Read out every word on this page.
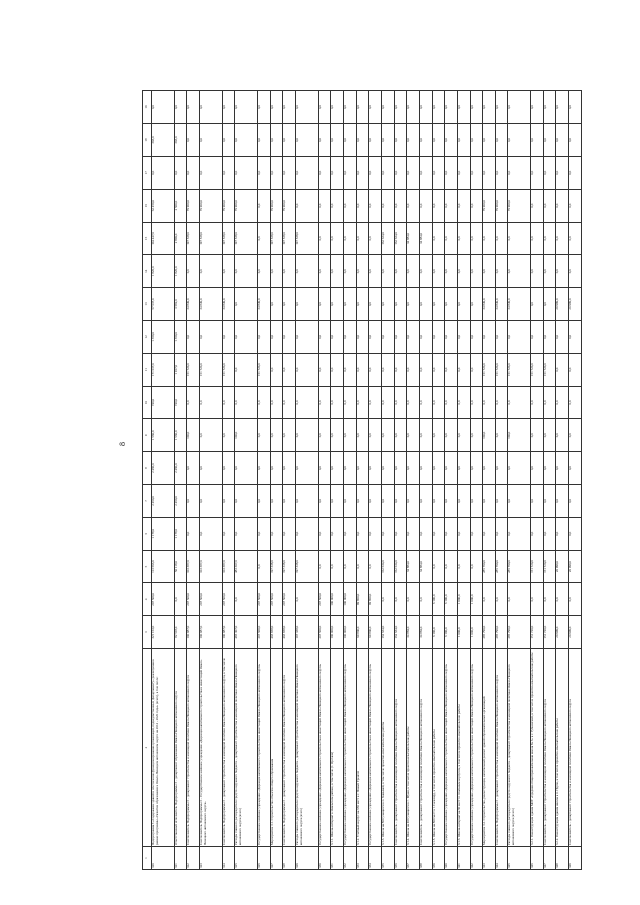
8
1	2	3	4	5	6	7	8	9	10	11	12	13	14	15	16	17	18	19
320	Подпрограмма 3 «Содержание зданий и обеспечение функционирования организаций, подведомственных Департаменту» реализуемая в рамках программы «Развитие образования в Ямало-Ненецком автономном округе на 2014 - 2020 годы» (всего), в том числе:	321 163,0	207 500,0	113 663,0	1 178,0	2 460,0	2 460,0	1 560,0	740,0	171 637,0	1 350,0	57 637,0	1 826,0	104 447,0	62 450,0	0,0	303,0	0,0
321	Ответственный исполнитель Подпрограммы 3 – департамент образования Ямало-Ненецкого автономного округа	82 518,0	0,0	50 118,0	1 178,0	2 460,0	2 460,0	1 560,0	740,0	1 917,0	1 350,0	3 582,0	1 826,0	2 809,0	2 500,0	0,0	303,0	0,0
322	Соисполнитель Подпрограммы 3 – департамент строительства и жилищной политики Ямало-Ненецкого автономного округа	100 987,0	207 500,0	103 387,0	0,0	0,0	0,0	100,0	0,0	151 720,0	0,0	34 849,0	0,0	197 538,0	79 900,0	0,0	0,0	0,0
323	Соисполнитель Подпрограммы 3 – Государственное казённое учреждение «Дирекция капитального строительства и инвестиций Ямало-Ненецкого автономного округа»	100 987,0	207 500,0	103 387,0	0,0	0,0	0,0	0,0	0,0	151 720,0	0,0	34 849,0	0,0	197 538,0	79 900,0	0,0	0,0	0,0
324	Соисполнитель Подпрограммы 3 – департамент строительства и жилищной политики Ямало-Ненецкого автономного округа, в том числе	100 987,0	207 500,0	103 387,0	0,0	0,0	0,0	0,0	0,0	151 720,0	0,0	34 849,0	0,0	197 538,0	79 900,0	0,0	0,0	0,0
325	Расходы главного распорядителя средств окружного бюджета – департамент строительства и жилищной политики Ямало-Ненецкого автономного округа (всего)	483 307,0	0,0	483 307,0	0,0	0,0	0,0	100,0	0,0	0,0	0,0	0,0	0,0	197 538,0	79 900,0	0,0	0,0	0,0
326	Государственное казённое учреждение «Дирекция капитального строительства и инвестиций Ямало-Ненецкого автономного округа»	207 500,0	207 500,0	0,0	0,0	0,0	0,0	0,0	0,0	151 720,0	0,0	34 849,0	0,0	0,0	0,0	0,0	0,0	0,0
327	Мероприятие 3.1. Строительство объектов общего образования	403 838,0	207 500,0	197 338,0	0,0	0,0	0,0	0,0	0,0	0,0	0,0	0,0	0,0	197 538,0	79 900,0	0,0	0,0	0,0
328	Соисполнитель Подпрограммы 3 – департамент строительства и жилищной политики Ямало-Ненецкого автономного округа	403 838,0	207 500,0	197 338,0	0,0	0,0	0,0	0,0	0,0	0,0	0,0	0,0	0,0	197 538,0	79 900,0	0,0	0,0	0,0
329	Расходы главного распорядителя средств окружного бюджета – департамент строительства и жилищной политики Ямало-Ненецкого автономного округа (всего)	197 338,0	0,0	197 338,0	0,0	0,0	0,0	0,0	0,0	0,0	0,0	0,0	0,0	197 538,0	0,0	0,0	0,0	0,0
330	Государственное казённое учреждение «Дирекция капитального строительства и инвестиций Ямало-Ненецкого автономного округа»	207 500,0	207 500,0	0,0	0,0	0,0	0,0	0,0	0,0	0,0	0,0	0,0	0,0	0,0	0,0	0,0	0,0	0,0
331	3.1.1. Школа-интернат в Ямальском районе, в том числе (с. Яр-Сале)	100 000,0	100 000,0	0,0	0,0	0,0	0,0	0,0	0,0	0,0	0,0	0,0	0,0	0,0	0,0	0,0	0,0	0,0
332	Государственное казённое учреждение «Дирекция капитального строительства и инвестиций Ямало-Ненецкого автономного округа»	100 000,0	100 000,0	0,0	0,0	0,0	0,0	0,0	0,0	0,0	0,0	0,0	0,0	0,0	0,0	0,0	0,0	0,0
333	3.1.2. Учебный корпус на 650 мест в г. Новый Уренгой	99 800,0	99 800,0	0,0	0,0	0,0	0,0	0,0	0,0	0,0	0,0	0,0	0,0	0,0	0,0	0,0	0,0	0,0
334	Государственное казённое учреждение «Дирекция капитального строительства и инвестиций Ямало-Ненецкого автономного округа»	99 800,0	99 800,0	0,0	0,0	0,0	0,0	0,0	0,0	0,0	0,0	0,0	0,0	0,0	0,0	0,0	0,0	0,0
335	3.1.3. Школа на 800 учащихся в п. Ханымей, в том числе проектно-изыскательские работы	162 634,0	0,0	162 634,0	0,0	0,0	0,0	0,0	0,0	0,0	0,0	0,0	0,0	162 634,0	0,0	0,0	0,0	0,0
336	Соисполнитель – департамент строительства и жилищной политики Ямало-Ненецкого автономного округа	162 634,0	0,0	162 634,0	0,0	0,0	0,0	0,0	0,0	0,0	0,0	0,0	0,0	162 634,0	0,0	0,0	0,0	0,0
337	3.1.4. Школа на 400 учащихся в с. Мужи, в том числе проектно-изыскательские работы	34 884,0	0,0	34 884,0	0,0	0,0	0,0	0,0	0,0	0,0	0,0	0,0	0,0	34 884,0	0,0	0,0	0,0	0,0
338	Соисполнитель – департамент строительства и жилищной политики Ямало-Ненецкого автономного округа	34 884,0	0,0	34 884,0	0,0	0,0	0,0	0,0	0,0	0,0	0,0	0,0	0,0	34 884,0	0,0	0,0	0,0	0,0
339	3.1.5. Школа на 800 мест в г. Салехард, в том числе проектно-изыскательские работы	6 190,0	6 190,0	0,0	0,0	0,0	0,0	0,0	0,0	0,0	0,0	0,0	0,0	0,0	0,0	0,0	0,0	0,0
340	Государственное казённое учреждение «Дирекция капитального строительства и инвестиций Ямало-Ненецкого автономного округа»	6 190,0	6 190,0	0,0	0,0	0,0	0,0	0,0	0,0	0,0	0,0	0,0	0,0	0,0	0,0	0,0	0,0	0,0
341	3.1.6. Школа-интернат на 50 мест со спальным корпусом, в том числе проектно-изыскательские работы	1 000,0	1 000,0	0,0	0,0	0,0	0,0	0,0	0,0	0,0	0,0	0,0	0,0	0,0	0,0	0,0	0,0	0,0
342	Государственное казённое учреждение «Дирекция капитального строительства и инвестиций Ямало-Ненецкого автономного округа»	1 000,0	1 000,0	0,0	0,0	0,0	0,0	0,0	0,0	0,0	0,0	0,0	0,0	0,0	0,0	0,0	0,0	0,0
343	Мероприятие 3.2. Строительство, реконструкция, капитальный ремонт зданий образовательных организаций	285 790,0	0,0	285 790,0	0,0	0,0	0,0	100,0	0,0	151 720,0	0,0	34 849,0	0,0	0,0	79 900,0	0,0	0,0	0,0
344	Соисполнитель Подпрограммы 3 – департамент строительства и жилищной политики Ямало-Ненецкого автономного округа	285 790,0	0,0	285 790,0	0,0	0,0	0,0	0,0	0,0	151 720,0	0,0	34 849,0	0,0	0,0	79 900,0	0,0	0,0	0,0
345	Расходы главного распорядителя средств окружного бюджета – департамент строительства и жилищной политики Ямало-Ненецкого автономного округа (всего)	285 790,0	0,0	285 790,0	0,0	0,0	0,0	100,0	0,0	151 720,0	0,0	34 849,0	0,0	0,0	79 900,0	0,0	0,0	0,0
346	3.2.1. Реконструкция здания МОУ «Средняя общеобразовательная школа № 3» в г. Губкинский, в том числе проектно-изыскательские работы	151 720,0	0,0	151 720,0	0,0	0,0	0,0	0,0	0,0	151 720,0	0,0	0,0	0,0	0,0	0,0	0,0	0,0	0,0
347	Соисполнитель – департамент строительства и жилищной политики Ямало-Ненецкого автономного округа	151 720,0	0,0	151 720,0	0,0	0,0	0,0	0,0	0,0	151 720,0	0,0	0,0	0,0	0,0	0,0	0,0	0,0	0,0
348	3.2.2. Реконструкция здания школы в п. Пурпе, в том числе проектно-изыскательские работы	20 999,0	0,0	20 999,0	0,0	0,0	0,0	0,0	0,0	0,0	0,0	20 999,0	0,0	0,0	0,0	0,0	0,0	0,0
349	Соисполнитель – департамент строительства и жилищной политики Ямало-Ненецкого автономного округа	20 999,0	0,0	20 999,0	0,0	0,0	0,0	0,0	0,0	0,0	0,0	20 999,0	0,0	0,0	0,0	0,0	0,0	0,0
